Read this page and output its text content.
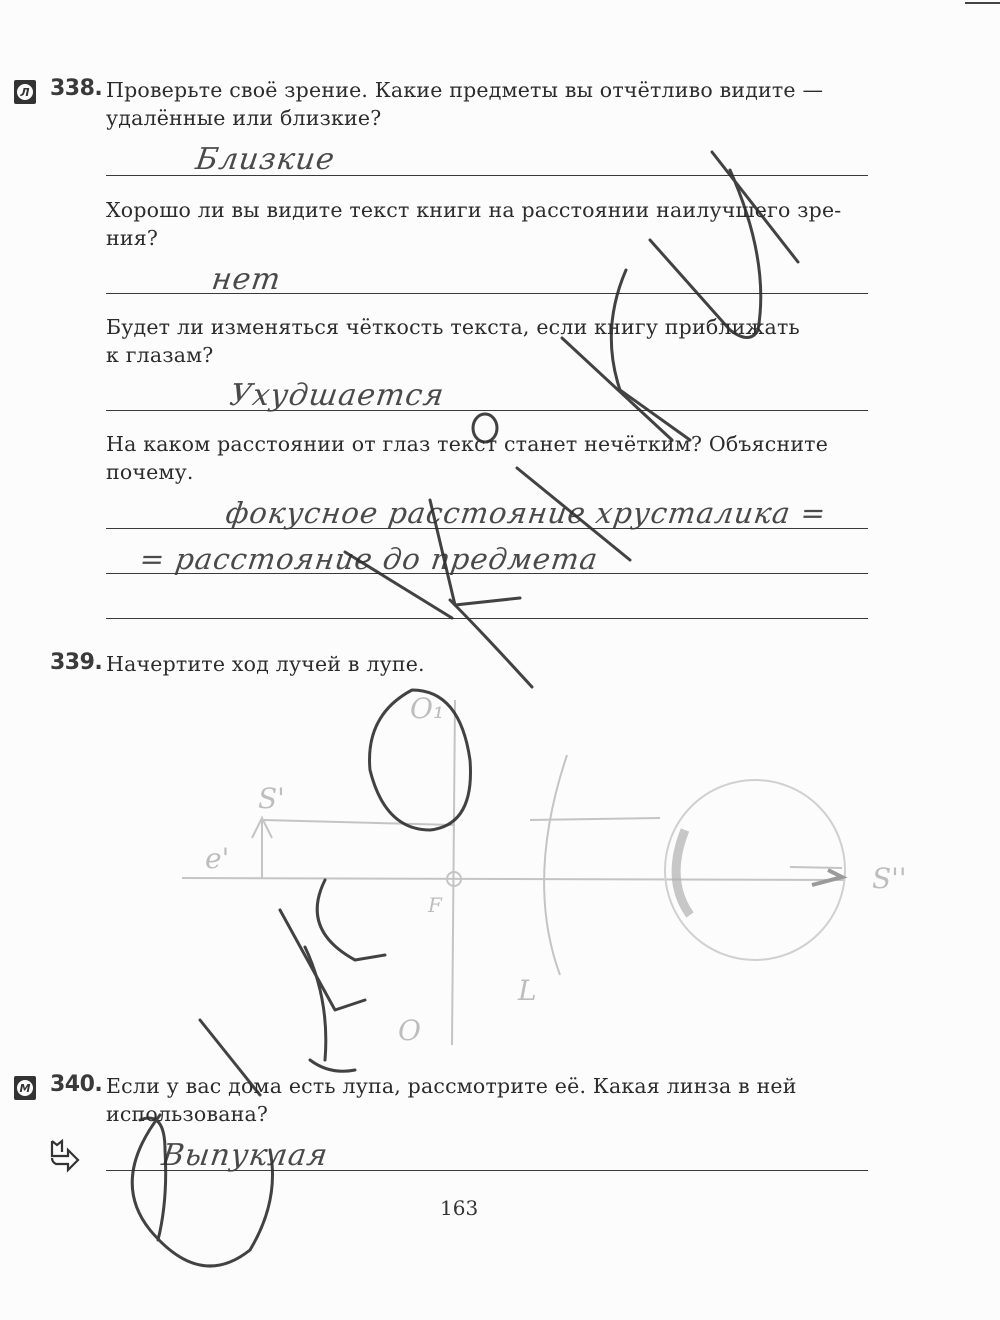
Л 338. Проверьте своё зрение. Какие предметы вы отчётливо видите —
удалённые или близкие?
Близкие
Хорошо ли вы видите текст книги на расстоянии наилучшего зре-
ния?
нет
Будет ли изменяться чёткость текста, если книгу приближать
к глазам?
Ухудшается
На каком расстоянии от глаз текст станет нечётким? Объясните
почему.
фокусное расстояние хрусталика =
= расстояние до предмета
339. Начертите ход лучей в лупе.
S'
e'
F
O₁
O
L
S''
М 340. Если у вас дома есть лупа, рассмотрите её. Какая линза в ней
использована?
Выпуклая
163
